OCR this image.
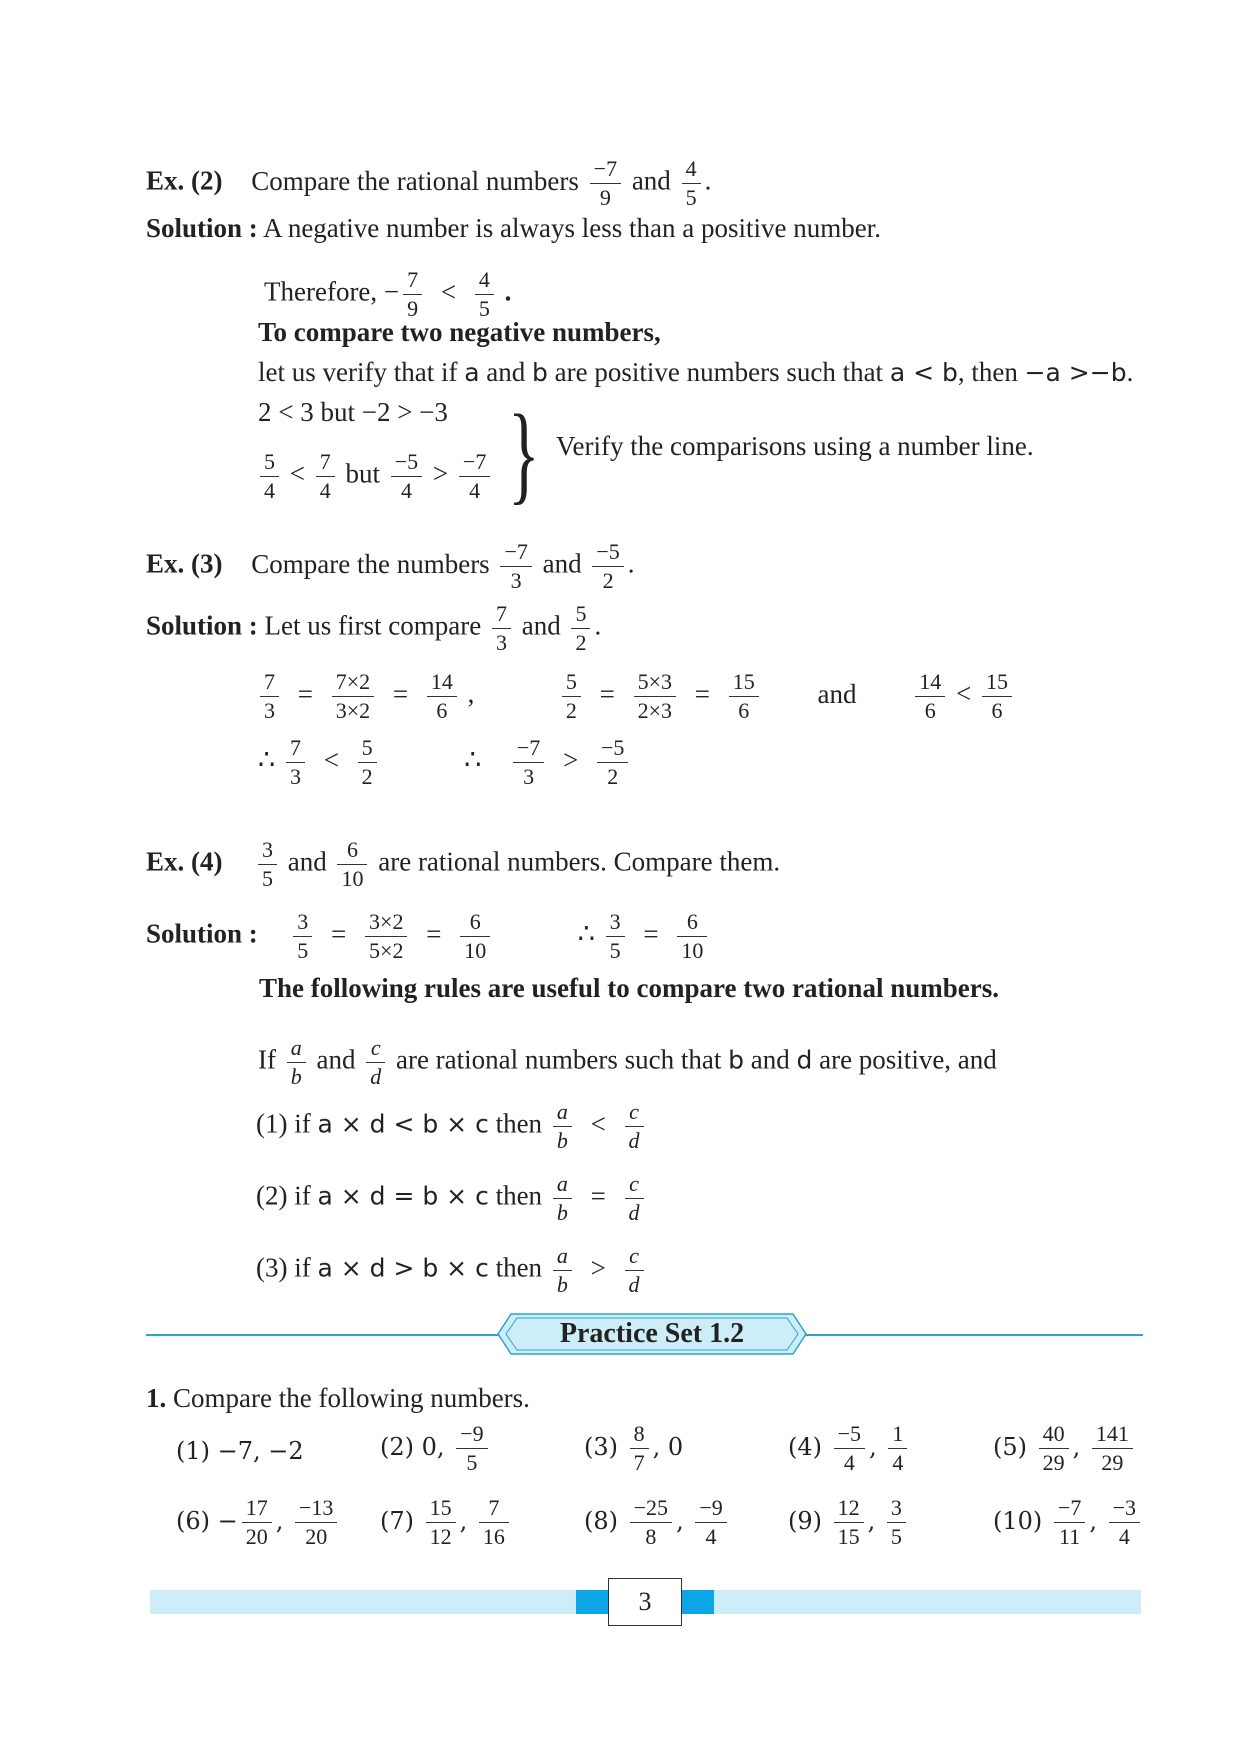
Ex. (2) Compare the rational numbers $\frac{-7}{9}$ and $\frac{4}{5}$ .
Solution : A negative number is always less than a positive number.
Therefore, − $\frac{7}{9} < \frac{4}{5}$ .
To compare two negative numbers,
let us verify that if a and b are positive numbers such that a < b, then −a >−b.
2 < 3 but −2 > −3
$\frac{5}{4} < \frac{7}{4}$ but $\frac{-5}{4} > \frac{-7}{4}$ } Verify the comparisons using a number line.
Ex. (3) Compare the numbers $\frac{-7}{3}$ and $\frac{-5}{2}$ .
Solution : Let us first compare $\frac{7}{3}$ and $\frac{5}{2}$ .
$\frac{7}{3} = \frac{7\times 2}{3\times 2} = \frac{14}{6}$ ,	$\frac{5}{2} = \frac{5\times 3}{2\times 3} = \frac{15}{6}$ and	$\frac{14}{6} < \frac{15}{6}$
∴ $\frac{7}{3} < \frac{5}{2}$	∴ $\frac{-7}{3} > \frac{-5}{2}$
Ex. $(4) \frac{3}{5}$ and $\frac{6}{10}$ are rational numbers. Compare them.
Solution : $\frac{3}{5} = \frac{3\times 2}{5\times 2} = \frac{6}{10}$	∴ $\frac{3}{5} = \frac{6}{10}$
The following rules are useful to compare two rational numbers.
If $\frac{a}{b}$ and $\frac{c}{d}$ are rational numbers such that b and d are positive, and
(1) if a × d < b × c then $\frac{a}{b} < \frac{c}{d}$
(2) if a × d = b × c then $\frac{a}{b} = \frac{c}{d}$
(3) if a × d > b × c then $\frac{a}{b} > \frac{c}{d}$
Practice Set 1.2
1. Compare the following numbers.
(1) −7, −2	(2) 0, $\frac{-9}{5}$	$(3) \frac{8}{7}$ , 0	$(4) \frac{-5}{4}$ , $\frac{1}{4}$	$(5) \frac{40}{29}$ , $\frac{141}{29}$
$(6) - \frac{17}{20}$ , $\frac{-13}{20} (7) \frac{15}{12}$ , $\frac{7}{16}$	$(8) \frac{-25}{8}$ , $\frac{-9}{4}$	$(9) \frac{12}{15}$ , $\frac{3}{5}$	$(10) \frac{-7}{11}$ , $\frac{-3}{4}$
3
